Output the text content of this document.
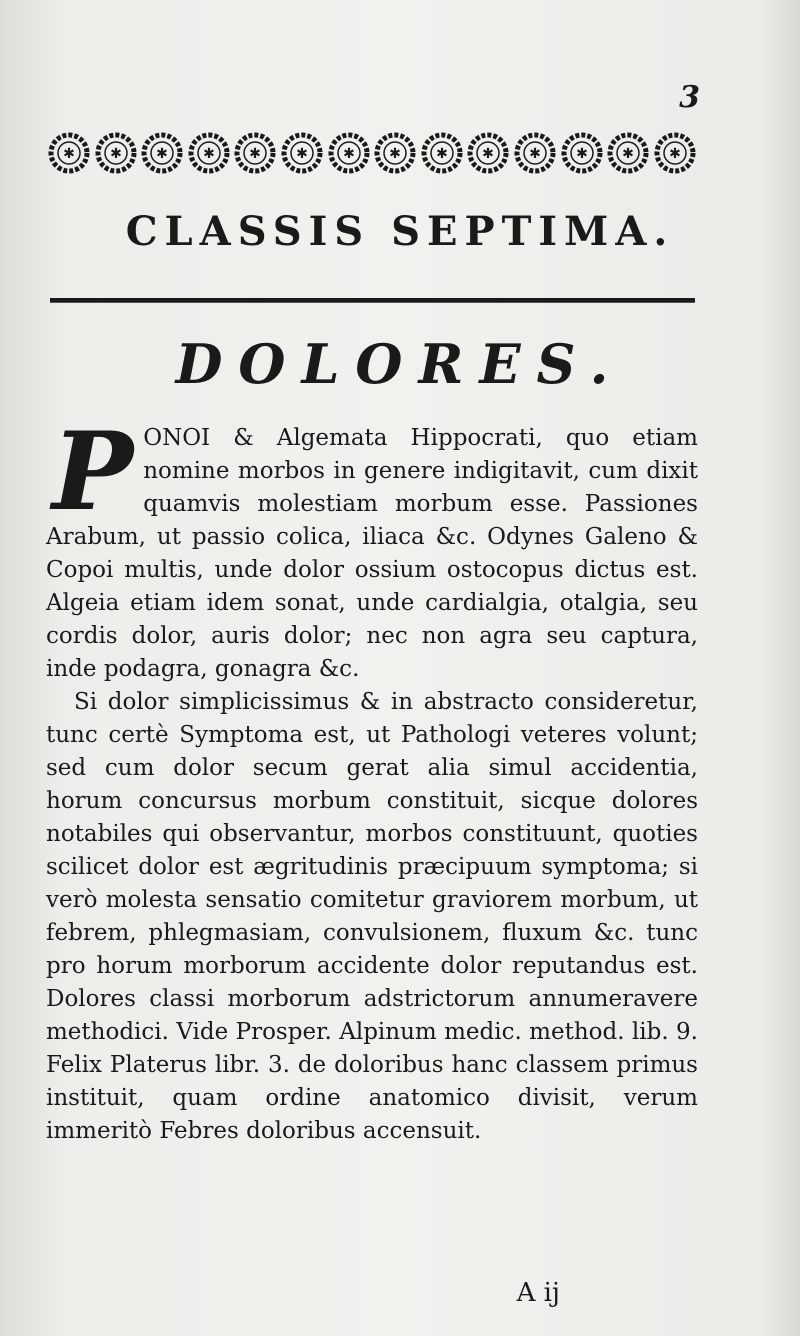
3
✱ ✱ ✱ ✱ ✱ ✱ ✱ ✱ ✱ ✱ ✱ ✱ ✱ ✱
CLASSIS SEPTIMA.
DOLORES.

P ONOI & Algemata Hippocrati, quo etiam nomine morbos in genere indigitavit, cum dixit quamvis molestiam morbum esse. Passiones Arabum, ut passio colica, iliaca &c. Odynes Galeno & Copoi multis, unde dolor ossium ostocopus dictus est. Algeia etiam idem sonat, unde cardialgia, otalgia, seu cordis dolor, auris dolor; nec non agra seu captura, inde podagra, gonagra &c.

Si dolor simplicissimus & in abstracto consideretur, tunc certè Symptoma est, ut Pathologi veteres volunt; sed cum dolor secum gerat alia simul accidentia, horum concursus morbum constituit, sicque dolores notabiles qui observantur, morbos constituunt, quoties scilicet dolor est ægritudinis præcipuum symptoma; si verò molesta sensatio comitetur graviorem morbum, ut febrem, phlegmasiam, convulsionem, fluxum &c. tunc pro horum morborum accidente dolor reputandus est. Dolores classi morborum adstrictorum annumeravere methodici. Vide Prosper. Alpinum medic. method. lib. 9. Felix Platerus libr. 3. de doloribus hanc classem primus instituit, quam ordine anatomico divisit, verum immeritò Febres doloribus accensuit.

A ij
